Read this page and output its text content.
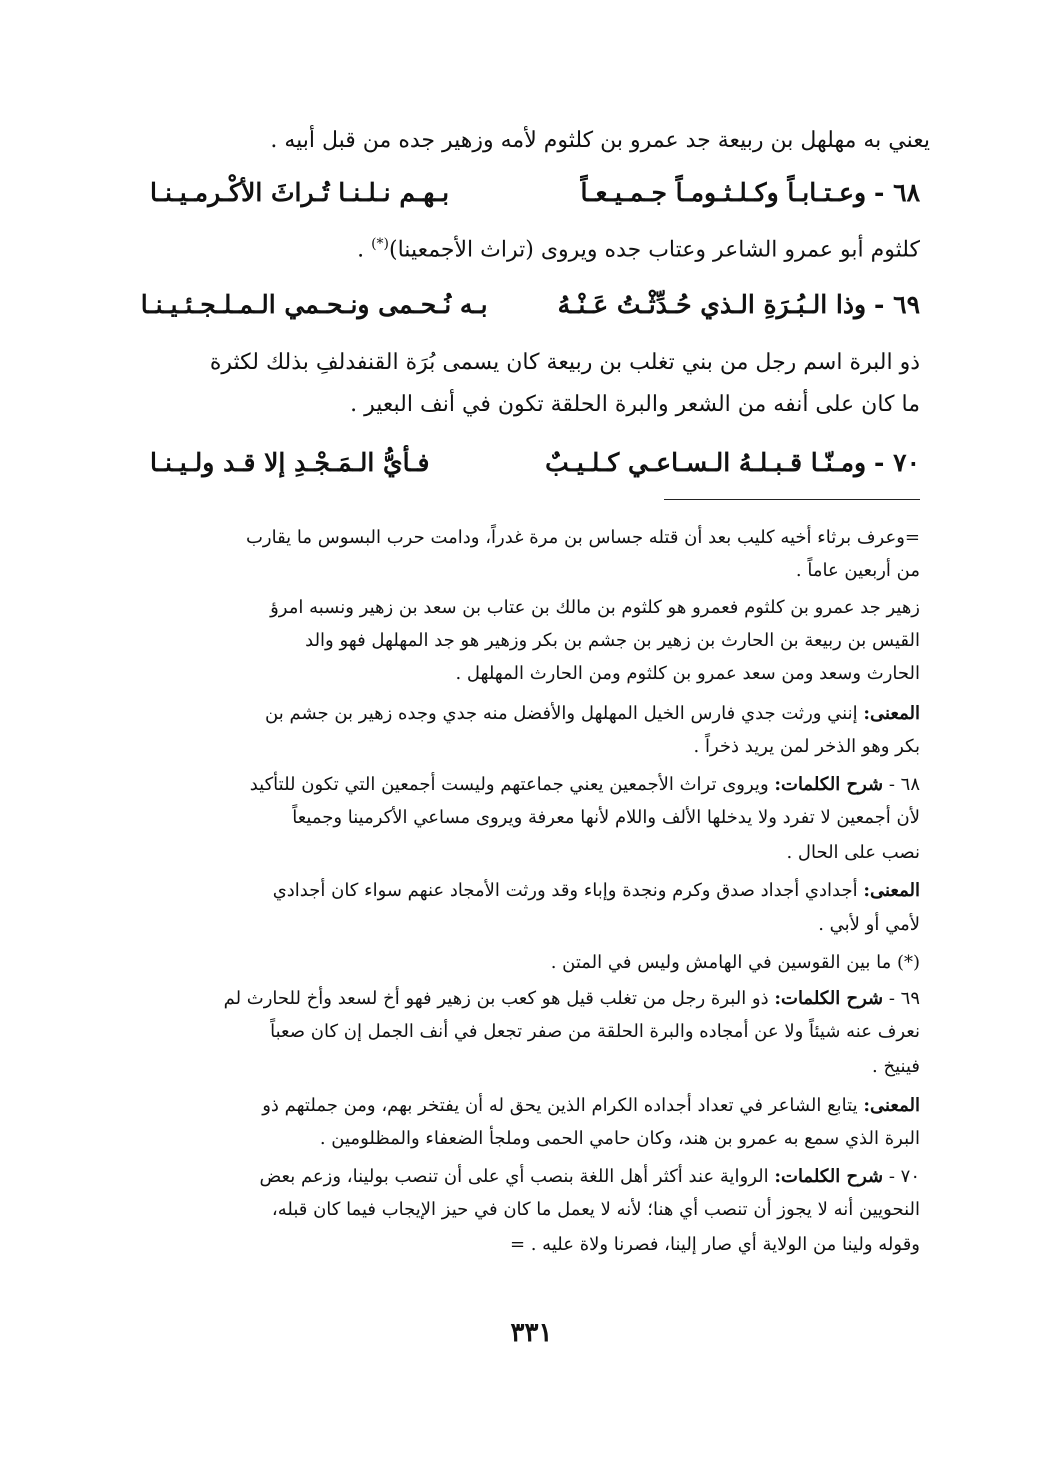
يعني به مهلهل بن ربيعة جد عمرو بن كلثوم لأمه وزهير جده من قبل أبيه .
٦٨ -
وعـتـابـاً وكـلـثـومـاً جـمـيـعـاً
بـهـم نـلـنـا تُـراثَ الأكْـرمـيـنـا
كلثوم أبو عمرو الشاعر وعتاب جده ويروى (تراث الأجمعينا)(*) .
٦٩ -
وذا الـبُـرَةِ الـذي حُـدِّثْـتُ عَـنْـهُ
بـه نُـحـمى ونـحـمي الـمـلـجـئـيـنـا
ذو البرة اسم رجل من بني تغلب بن ربيعة كان يسمى بُرَة القنفدلفِ بذلك لكثرة
ما كان على أنفه من الشعر والبرة الحلقة تكون في أنف البعير .
٧٠ -
ومـنّـا قـبـلـهُ الـسـاعـي كـلـيـبٌ
فـأيُّ الـمَـجْـدِ إلا قـد ولـيـنـا
=وعرف برثاء أخيه كليب بعد أن قتله جساس بن مرة غدراً، ودامت حرب البسوس ما يقارب
من أربعين عاماً .
زهير جد عمرو بن كلثوم فعمرو هو كلثوم بن مالك بن عتاب بن سعد بن زهير ونسبه امرؤ
القيس بن ربيعة بن الحارث بن زهير بن جشم بن بكر وزهير هو جد المهلهل فهو والد
الحارث وسعد ومن سعد عمرو بن كلثوم ومن الحارث المهلهل .
المعنى: إنني ورثت جدي فارس الخيل المهلهل والأفضل منه جدي وجده زهير بن جشم بن
بكر وهو الذخر لمن يريد ذخراً .
٦٨ - شرح الكلمات: ويروى تراث الأجمعين يعني جماعتهم وليست أجمعين التي تكون للتأكيد
لأن أجمعين لا تفرد ولا يدخلها الألف واللام لأنها معرفة ويروى مساعي الأكرمينا وجميعاً
نصب على الحال .
المعنى: أجدادي أجداد صدق وكرم ونجدة وإباء وقد ورثت الأمجاد عنهم سواء كان أجدادي
لأمي أو لأبي .
(*) ما بين القوسين في الهامش وليس في المتن .
٦٩ - شرح الكلمات: ذو البرة رجل من تغلب قيل هو كعب بن زهير فهو أخ لسعد وأخ للحارث لم
نعرف عنه شيئاً ولا عن أمجاده والبرة الحلقة من صفر تجعل في أنف الجمل إن كان صعباً
فينيخ .
المعنى: يتابع الشاعر في تعداد أجداده الكرام الذين يحق له أن يفتخر بهم، ومن جملتهم ذو
البرة الذي سمع به عمرو بن هند، وكان حامي الحمى وملجأ الضعفاء والمظلومين .
٧٠ - شرح الكلمات: الرواية عند أكثر أهل اللغة بنصب أي على أن تنصب بولينا، وزعم بعض
النحويين أنه لا يجوز أن تنصب أي هنا؛ لأنه لا يعمل ما كان في حيز الإيجاب فيما كان قبله،
وقوله ولينا من الولاية أي صار إلينا، فصرنا ولاة عليه . =
٣٣١
